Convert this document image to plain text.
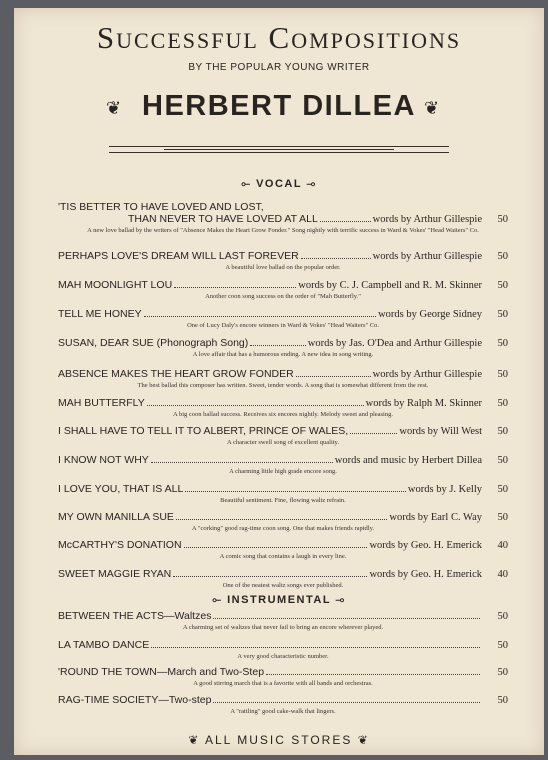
Successful Compositions
BY THE POPULAR YOUNG WRITER
❦ HERBERT DILLEA ❦
⟜ VOCAL ⊸
'TIS BETTER TO HAVE LOVED AND LOST,
THAN NEVER TO HAVE LOVED AT ALL	words by Arthur Gillespie	50
A new love ballad by the writers of "Absence Makes the Heart Grow Fonder." Song nightly with terrific success in Ward & Vokes' "Head Waiters" Co.
PERHAPS LOVE'S DREAM WILL LAST FOREVER	words by Arthur Gillespie	50
A beautiful love ballad on the popular order.
MAH MOONLIGHT LOU	words by C. J. Campbell and R. M. Skinner	50
Another coon song success on the order of "Mah Butterfly."
TELL ME HONEY	words by George Sidney	50
One of Lucy Daly's encore winners in Ward & Vokes' "Head Waiters" Co.
SUSAN, DEAR SUE (Phonograph Song)	words by Jas. O'Dea and Arthur Gillespie	50
A love affair that has a humorous ending. A new idea in song writing.
ABSENCE MAKES THE HEART GROW FONDER	words by Arthur Gillespie	50
The best ballad this composer has written. Sweet, tender words. A song that is somewhat different from the rest.
MAH BUTTERFLY	words by Ralph M. Skinner	50
A big coon ballad success. Receives six encores nightly. Melody sweet and pleasing.
I SHALL HAVE TO TELL IT TO ALBERT, PRINCE OF WALES,	words by Will West	50
A character swell song of excellent quality.
I KNOW NOT WHY	words and music by Herbert Dillea	50
A charming little high grade encore song.
I LOVE YOU, THAT IS ALL	words by J. Kelly	50
Beautiful sentiment. Fine, flowing waltz refrain.
MY OWN MANILLA SUE	words by Earl C. Way	50
A "corking" good rag-time coon song. One that makes friends rapidly.
McCARTHY'S DONATION	words by Geo. H. Emerick	40
A comic song that contains a laugh in every line.
SWEET MAGGIE RYAN	words by Geo. H. Emerick	40
One of the neatest waltz songs ever published.
⟜ INSTRUMENTAL ⊸
BETWEEN THE ACTS—Waltzes	50
A charming set of waltzes that never fail to bring an encore wherever played.
LA TAMBO DANCE	50
A very good characteristic number.
'ROUND THE TOWN—March and Two-Step	50
A good stirring march that is a favorite with all bands and orchestras.
RAG-TIME SOCIETY—Two-step	50
A "rattling" good cake-walk that lingers.
❦ ALL MUSIC STORES ❦
